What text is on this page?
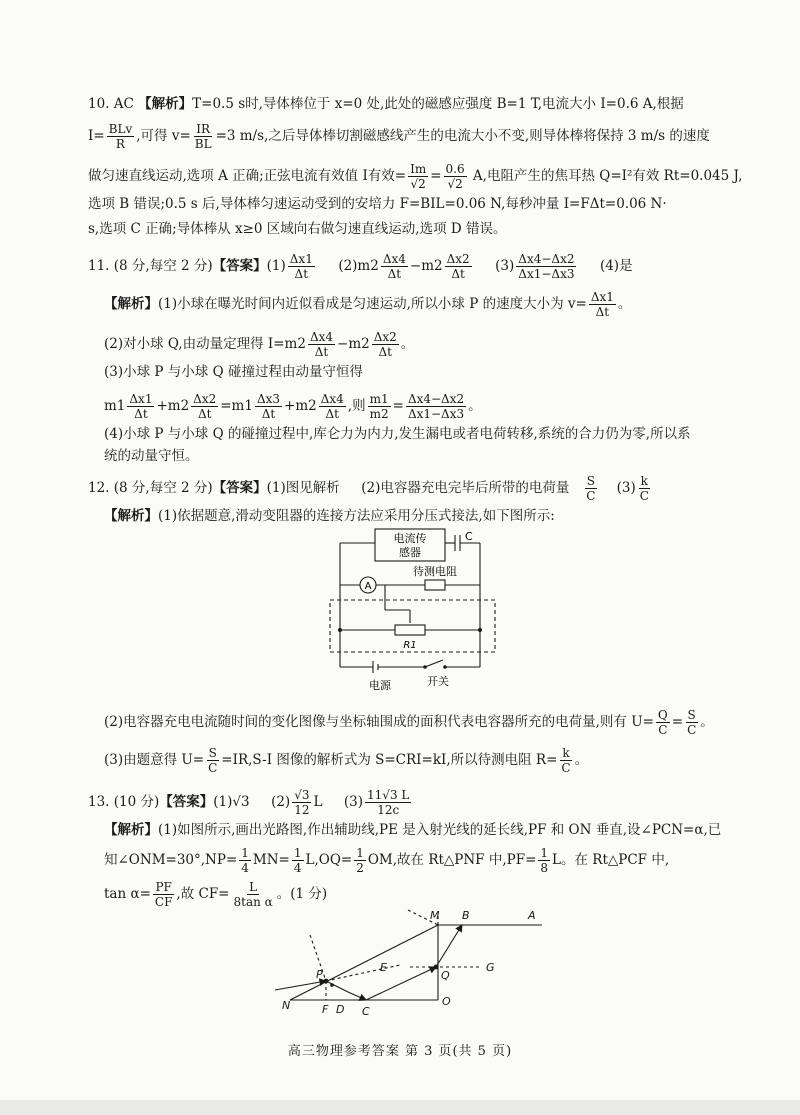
10. AC 【解析】T=0.5 s时,导体棒位于 x=0 处,此处的磁感应强度 B=1 T,电流大小 I=0.6 A,根据
$I= \frac{\text{BLv}}{R}$ ,可得 $v= \frac{IR}{BL} =3$ m/s,之后导体棒切割磁感线产生的电流大小不变,则导体棒将保持 3 m/s 的速度
做匀速直线运动,选项 A 正确;正弦电流有效值 I有效= $\frac{Im}{√2} = \frac{0.6}{√2} A$,电阻产生的焦耳热 Q=I²有效 Rt=0.045 J,
选项 B 错误;0.5 s 后,导体棒匀速运动受到的安培力 F=BIL=0.06 N,每秒冲量 I=FΔt=0.06 N·
s,选项 C 正确;导体棒从 x≥0 区域向右做匀速直线运动,选项 D 错误。
11. (8 分,每空 2 分)【答案】$(1) \frac{\Delta x1}{\Delta t} (2)m2 \frac{\Delta x4}{\Delta t} -m2 \frac{\Delta x2}{\Delta t} (3) \frac{\Delta x4-\Delta x2}{\Delta x1-\Delta x3} (4)$是
【解析】(1)小球在曝光时间内近似看成是匀速运动,所以小球 P 的速度大小为 $v= \frac{\Delta x1}{\Delta t}$ 。
(2)对小球 Q,由动量定理得 $I=m2 \frac{\Delta x4}{\Delta t} -m2 \frac{\Delta x2}{\Delta t}$ 。
(3)小球 P 与小球 Q 碰撞过程由动量守恒得
$m1 \frac{\Delta x1}{\Delta t} +m2 \frac{\Delta x2}{\Delta t} =m1 \frac{\Delta x3}{\Delta t} +m2 \frac{\Delta x4}{\Delta t}$ ,则 $\frac{m1}{m2} = \frac{\Delta x4-\Delta x2}{\Delta x1-\Delta x3}$ 。
(4)小球 P 与小球 Q 的碰撞过程中,库仑力为内力,发生漏电或者电荷转移,系统的合力仍为零,所以系
统的动量守恒。
12. (8 分,每空 2 分)【答案】(1)图见解析 (2)电容器充电完毕后所带的电荷量 $\frac{S}{C} (3) \frac{k}{C}$
【解析】(1)依据题意,滑动变阻器的连接方法应采用分压式接法,如下图所示:
电流传
感器
C
A
待测电阻
R1
电源	开关
(2)电容器充电电流随时间的变化图像与坐标轴围成的面积代表电容器所充的电荷量,则有 $U= \frac{Q}{C} = \frac{S}{C}$ 。
(3)由题意得 $U= \frac{S}{C} =IR,S-I$ 图像的解析式为 S=CRI=kI,所以待测电阻 $R= \frac{k}{C}$ 。
13. (10 分)【答案】(1)√3 $(2) \frac{√3}{12}$ L $(3) \frac{11√3 L}{12c}$
【解析】(1)如图所示,画出光路图,作出辅助线,PE 是入射光线的延长线,PF 和 ON 垂直,设∠PCN=α,已
知∠ONM=30°,NP= $\frac{1}{4} MN= \frac{1}{4} L,OQ= \frac{1}{2}$ OM,故在 Rt△PNF 中$,PF= \frac{1}{8}$ L。在 Rt△PCF 中,
$\tan \alpha= \frac{PF}{CF}$ ,故 $CF= \frac{L}{\text{8tan α}}$ 。(1 分)
M B	A
G
P
E
Q
N	F D C
O
高三物理参考答案 第 3 页(共 5 页)
